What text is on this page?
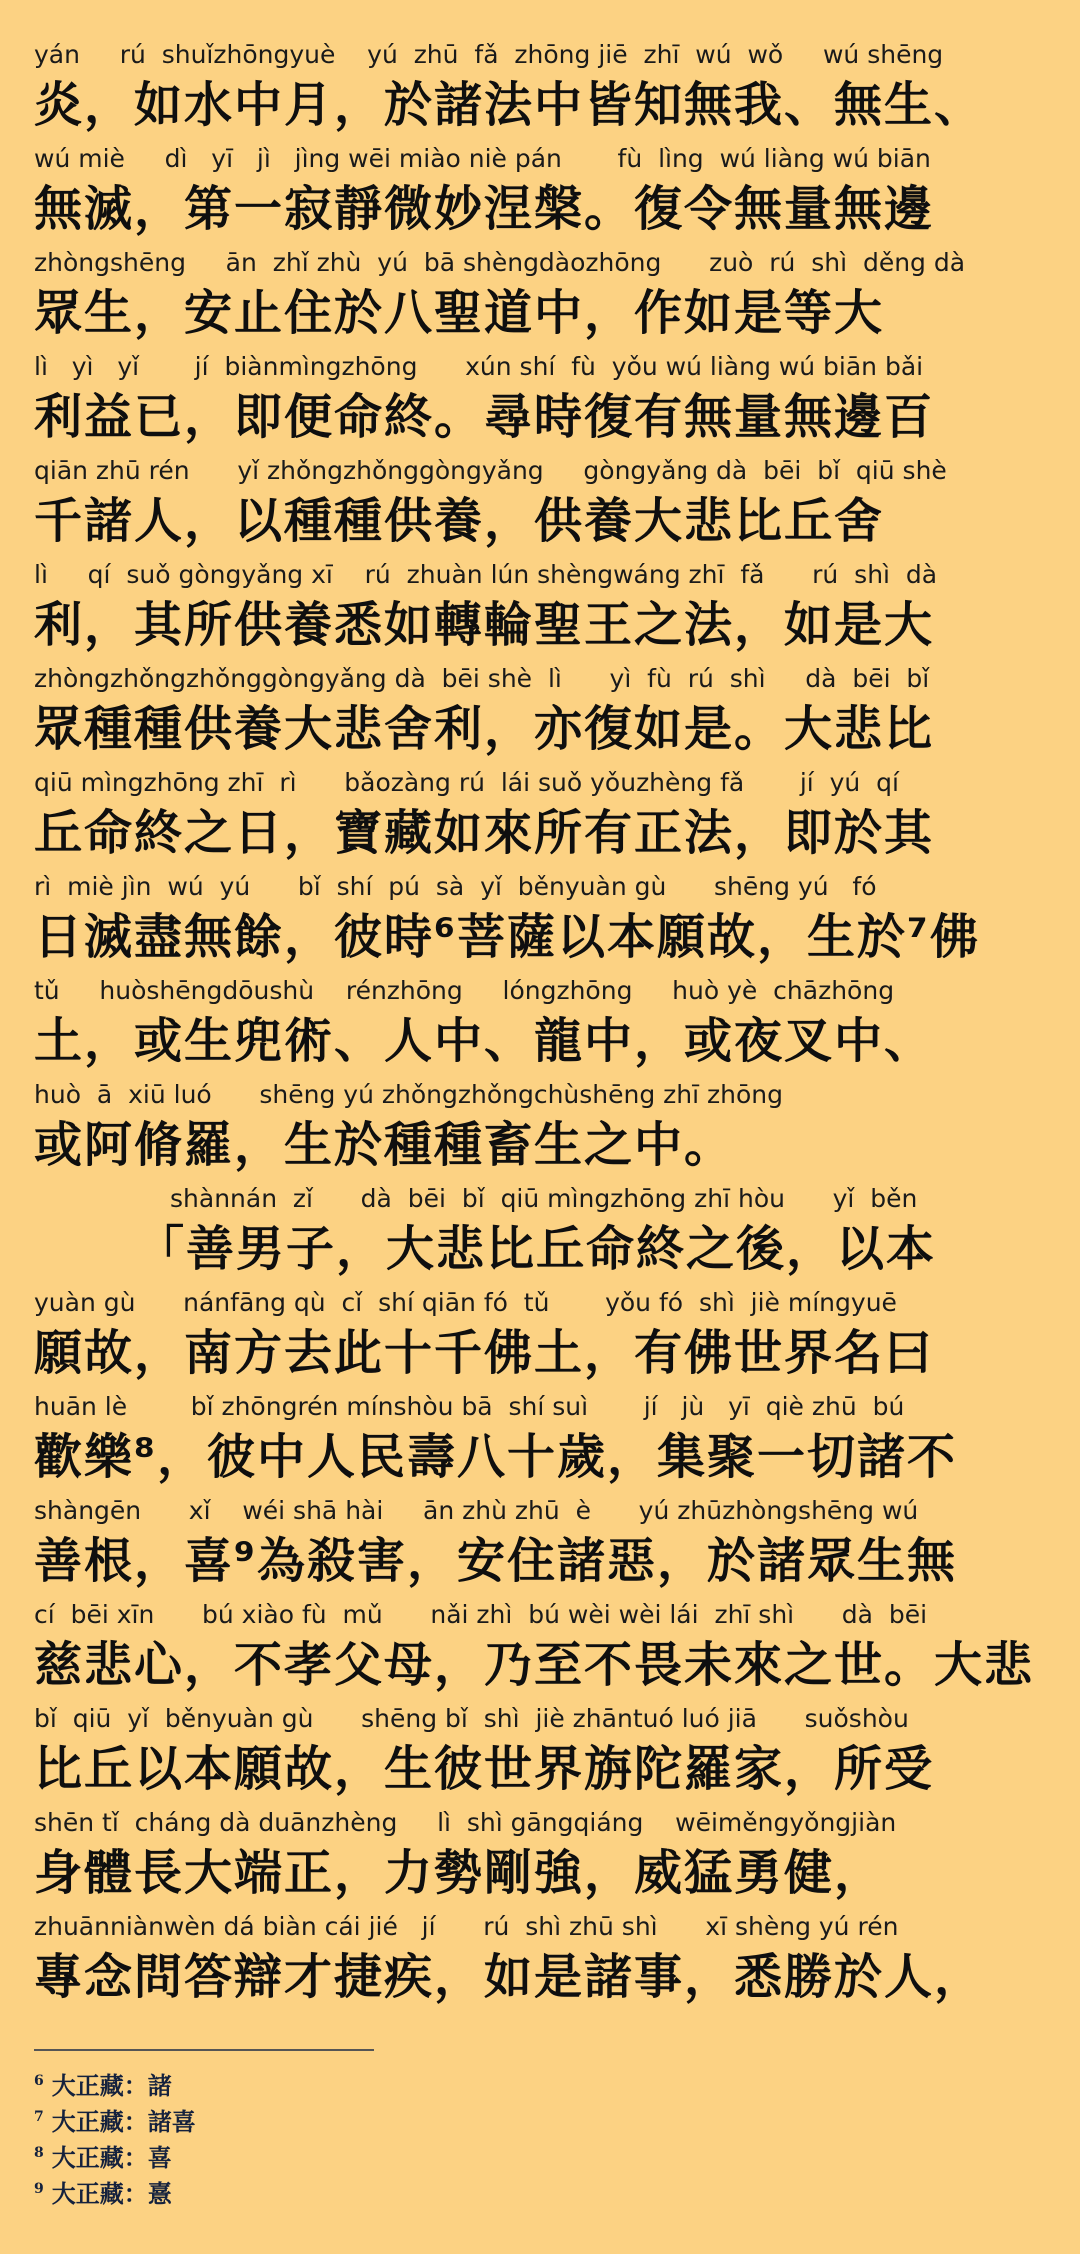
yán     rú  shuǐzhōngyuè    yú  zhū  fǎ  zhōng jiē  zhī  wú  wǒ     wú shēng
炎，如水中月，於諸法中皆知無我、無生、
wú miè     dì   yī   jì   jìng wēi miào niè pán       fù  lìng  wú liàng wú biān
無滅，第一寂靜微妙涅槃。復令無量無邊
zhòngshēng     ān  zhǐ zhù  yú  bā shèngdàozhōng      zuò  rú  shì  děng dà
眾生，安止住於八聖道中，作如是等大
lì   yì   yǐ       jí  biànmìngzhōng      xún shí  fù  yǒu wú liàng wú biān bǎi
利益已，即便命終。尋時復有無量無邊百
qiān zhū rén      yǐ zhǒngzhǒnggòngyǎng     gòngyǎng dà  bēi  bǐ  qiū shè
千諸人，以種種供養，供養大悲比丘舍
lì     qí  suǒ gòngyǎng xī    rú  zhuàn lún shèngwáng zhī  fǎ      rú  shì  dà
利，其所供養悉如轉輪聖王之法，如是大
zhòngzhǒngzhǒnggòngyǎng dà  bēi shè  lì      yì  fù  rú  shì     dà  bēi  bǐ
眾種種供養大悲舍利，亦復如是。大悲比
qiū mìngzhōng zhī  rì      bǎozàng rú  lái suǒ yǒuzhèng fǎ       jí  yú  qí
丘命終之日，寶藏如來所有正法，即於其
rì  miè jìn  wú  yú      bǐ  shí  pú  sà  yǐ  běnyuàn gù      shēng yú   fó
日滅盡無餘，彼時⁶菩薩以本願故，生於⁷佛
tǔ     huòshēngdōushù    rénzhōng     lóngzhōng     huò yè  chāzhōng
土，或生兜術、人中、龍中，或夜叉中、
huò  ā  xiū luó      shēng yú zhǒngzhǒngchùshēng zhī zhōng
或阿脩羅，生於種種畜生之中。
shànnán  zǐ      dà  bēi  bǐ  qiū mìngzhōng zhī hòu      yǐ  běn
「善男子，大悲比丘命終之後，以本
yuàn gù      nánfāng qù  cǐ  shí qiān fó  tǔ       yǒu fó  shì  jiè míngyuē
願故，南方去此十千佛土，有佛世界名曰
huān lè        bǐ zhōngrén mínshòu bā  shí suì       jí   jù   yī  qiè zhū  bú
歡樂⁸，彼中人民壽八十歲，集聚一切諸不
shàngēn      xǐ    wéi shā hài     ān zhù zhū  è      yú zhūzhòngshēng wú
善根，喜⁹為殺害，安住諸惡，於諸眾生無
cí  bēi xīn      bú xiào fù  mǔ      nǎi zhì  bú wèi wèi lái  zhī shì      dà  bēi
慈悲心，不孝父母，乃至不畏未來之世。大悲
bǐ  qiū  yǐ  běnyuàn gù      shēng bǐ  shì  jiè zhāntuó luó jiā      suǒshòu
比丘以本願故，生彼世界旃陀羅家，所受
shēn tǐ  cháng dà duānzhèng     lì  shì gāngqiáng    wēiměngyǒngjiàn
身體長大端正，力勢剛強，威猛勇健，
zhuānniànwèn dá biàn cái jié   jí      rú  shì zhū shì      xī shèng yú rén
專念問答辯才捷疾，如是諸事，悉勝於人，
$^6$ 大正藏：諸
$^7$ 大正藏：諸喜
$^8$ 大正藏：喜
$^9$ 大正藏：憙
